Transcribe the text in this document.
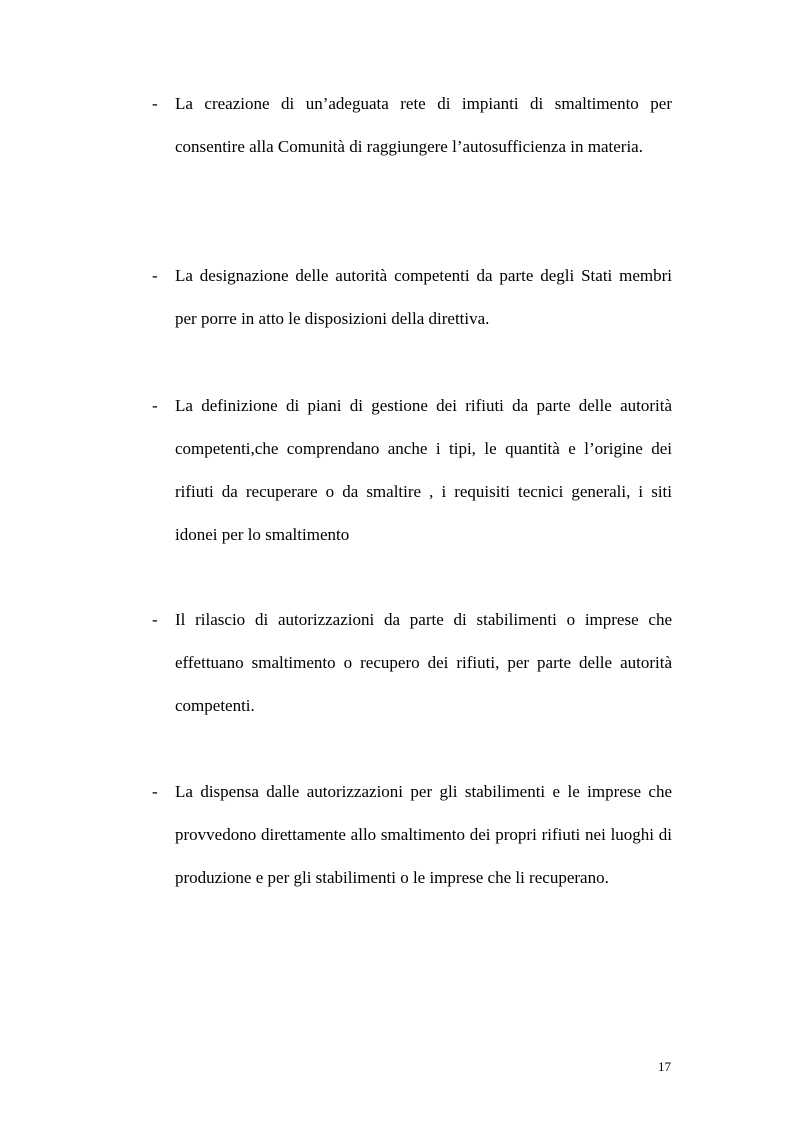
- La creazione di un’adeguata rete di impianti di smaltimento per consentire alla Comunità di raggiungere l’autosufficienza in materia.

- La designazione delle autorità competenti da parte degli Stati membri per porre in atto le disposizioni della direttiva.

- La definizione di piani di gestione dei rifiuti da parte delle autorità competenti,che comprendano anche i tipi, le quantità e l’origine dei rifiuti da recuperare o da smaltire , i requisiti tecnici generali, i siti idonei per lo smaltimento

- Il rilascio di autorizzazioni da parte di stabilimenti o imprese che effettuano smaltimento o recupero dei rifiuti, per parte delle autorità competenti.

- La dispensa dalle autorizzazioni per gli stabilimenti e le imprese che provvedono direttamente allo smaltimento dei propri rifiuti nei luoghi di produzione e per gli stabilimenti o le imprese che li recuperano.

17
